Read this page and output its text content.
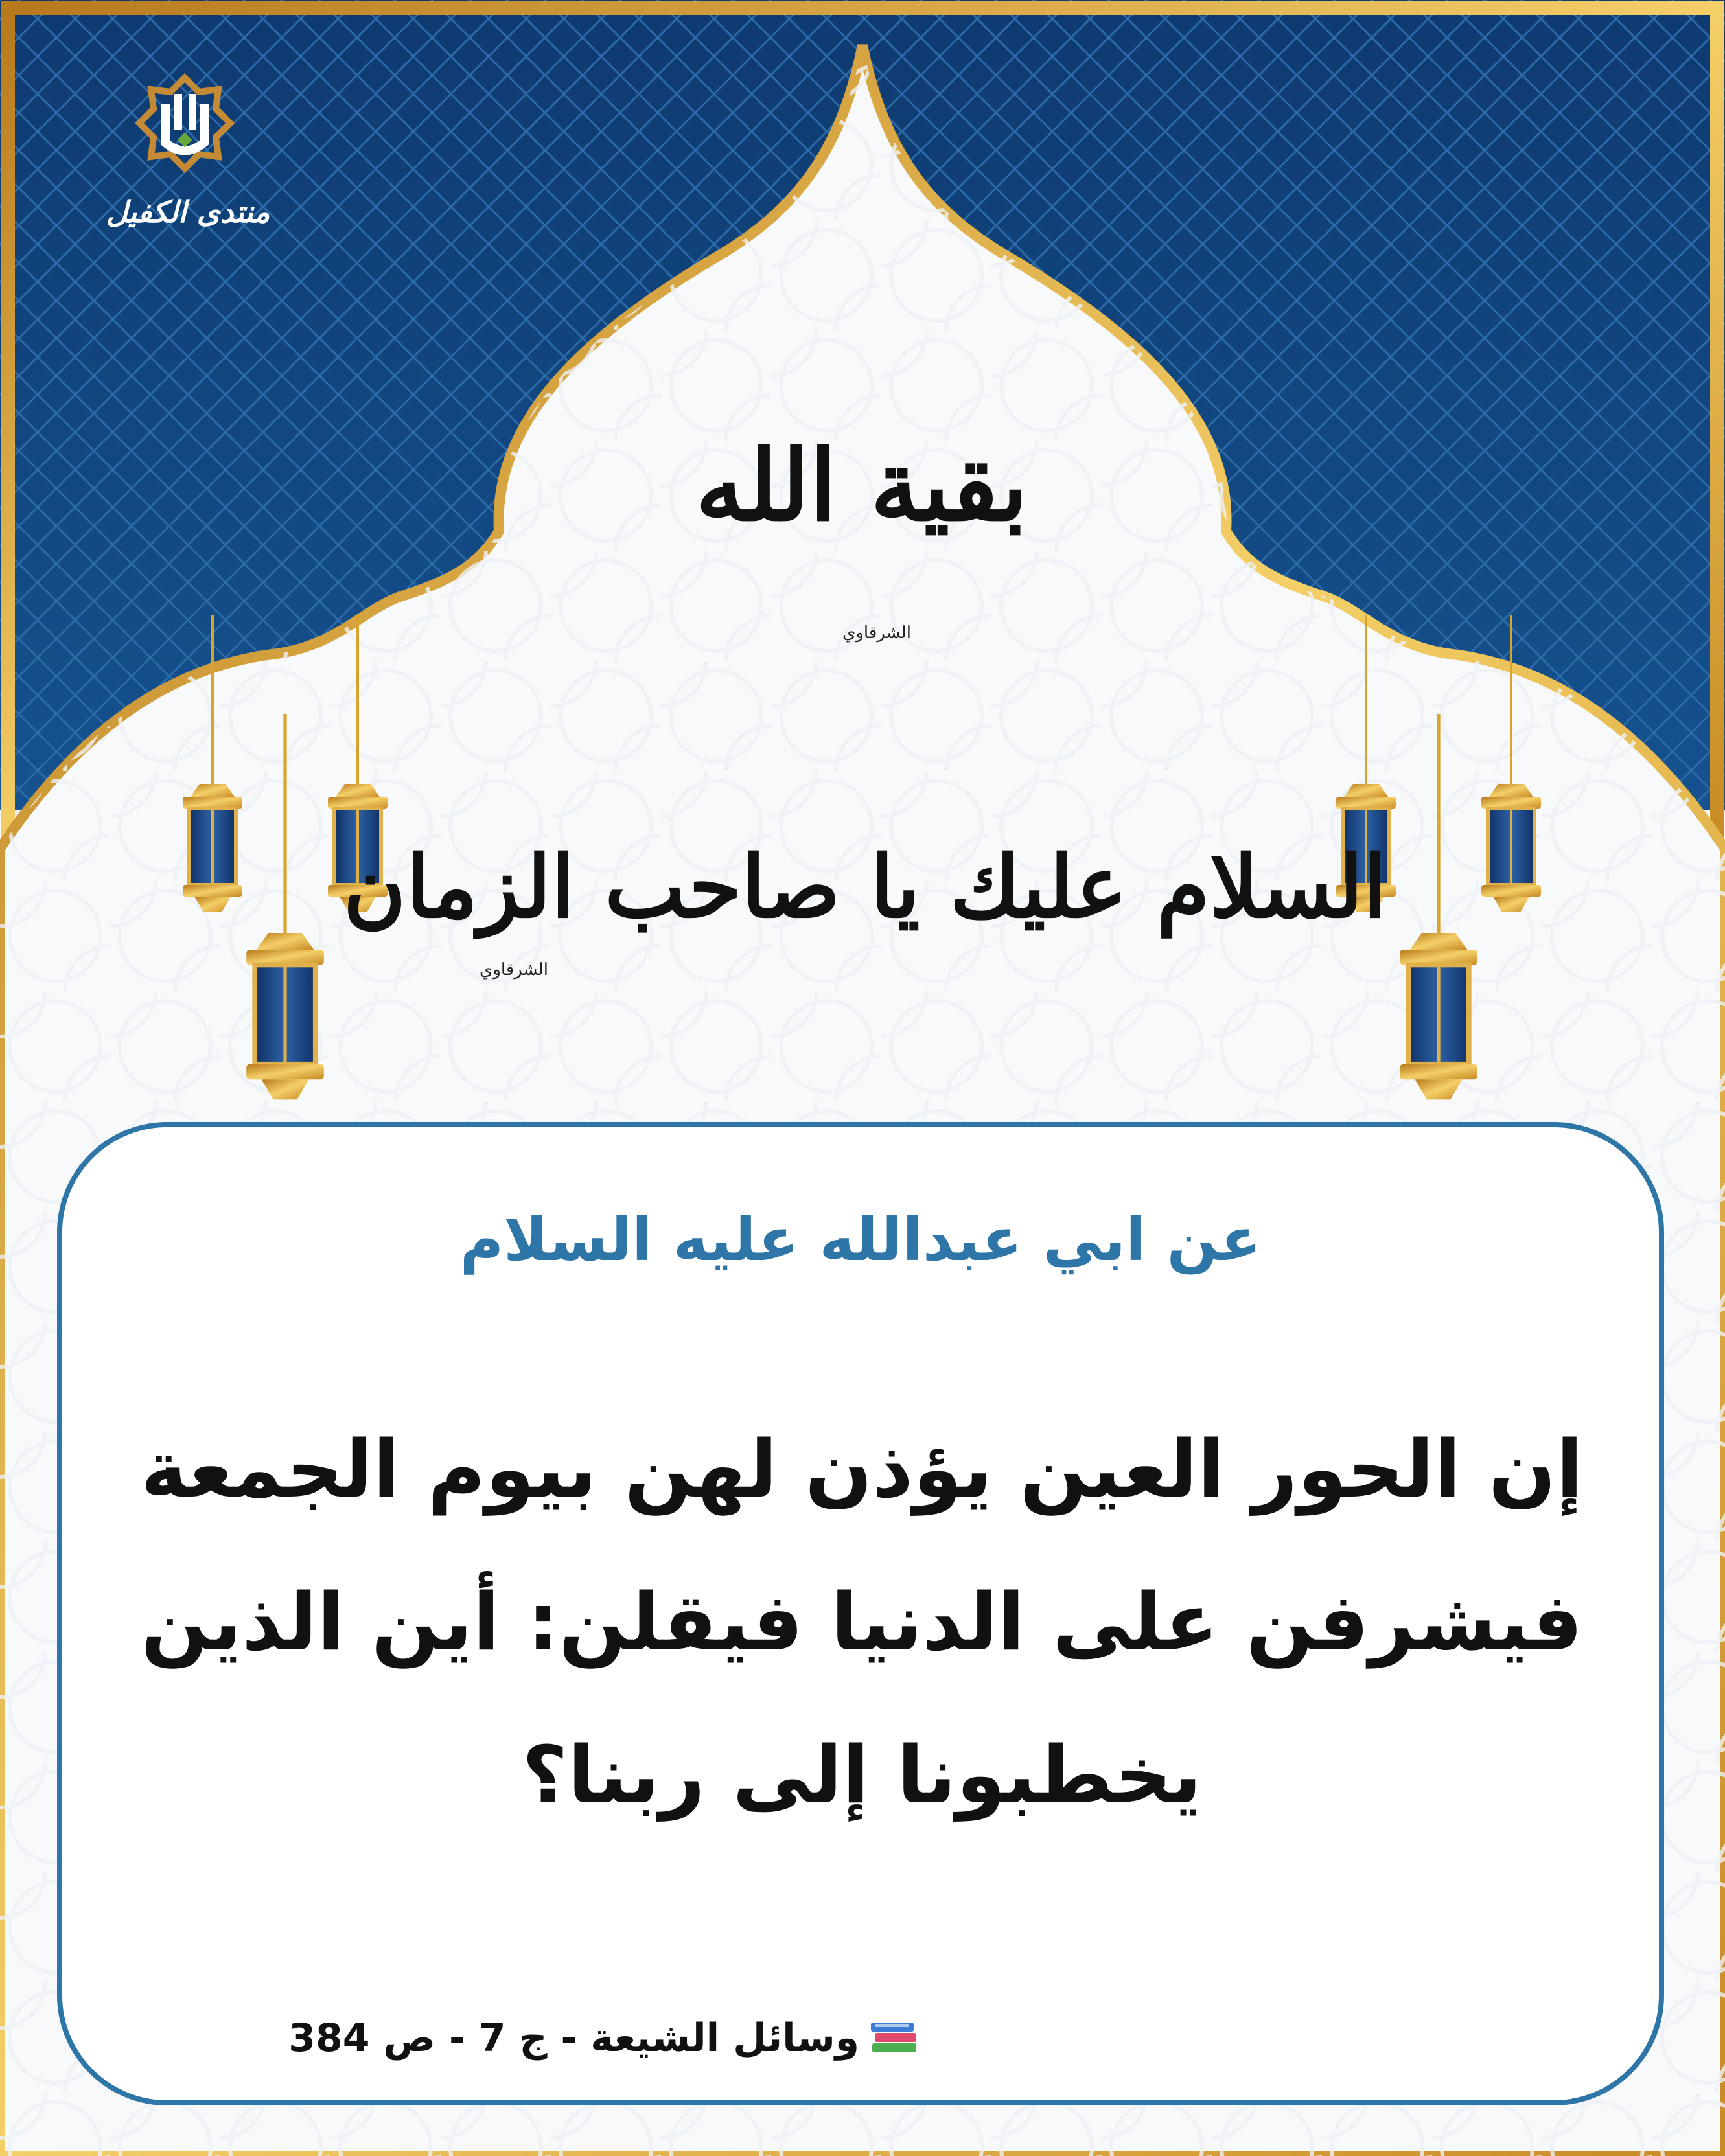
منتدى الكفيل
بقية الله
الشرقاوي
السلام عليك يا صاحب الزمان
الشرقاوي
عن ابي عبدالله عليه السلام
إن الحور العين يؤذن لهن بيوم الجمعة
فيشرفن على الدنيا فيقلن: أين الذين
يخطبونا إلى ربنا؟
وسائل الشيعة - ج 7 - ص 384
